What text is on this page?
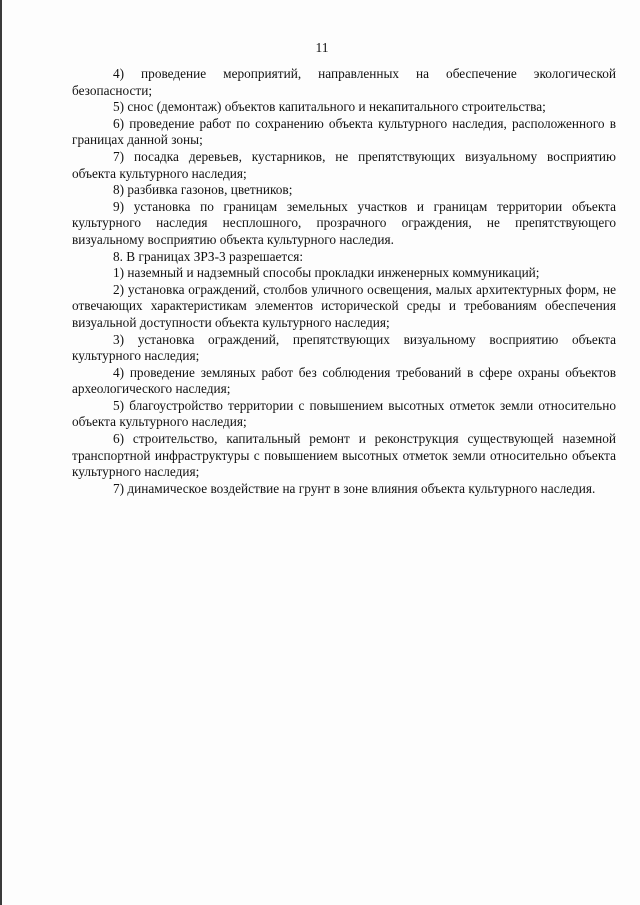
11

4) проведение мероприятий, направленных на обеспечение экологической безопасности;

5) снос (демонтаж) объектов капитального и некапитального строительства;

6) проведение работ по сохранению объекта культурного наследия, расположенного в границах данной зоны;

7) посадка деревьев, кустарников, не препятствующих визуальному восприятию объекта культурного наследия;

8) разбивка газонов, цветников;

9) установка по границам земельных участков и границам территории объекта культурного наследия несплошного, прозрачного ограждения, не препятствующего визуальному восприятию объекта культурного наследия.

8. В границах ЗРЗ-3 разрешается:

1) наземный и надземный способы прокладки инженерных коммуникаций;

2) установка ограждений, столбов уличного освещения, малых архитектурных форм, не отвечающих характеристикам элементов исторической среды и требованиям обеспечения визуальной доступности объекта культурного наследия;

3) установка ограждений, препятствующих визуальному восприятию объекта культурного наследия;

4) проведение земляных работ без соблюдения требований в сфере охраны объектов археологического наследия;

5) благоустройство территории с повышением высотных отметок земли относительно объекта культурного наследия;

6) строительство, капитальный ремонт и реконструкция существующей наземной транспортной инфраструктуры с повышением высотных отметок земли относительно объекта культурного наследия;

7) динамическое воздействие на грунт в зоне влияния объекта культурного наследия.
